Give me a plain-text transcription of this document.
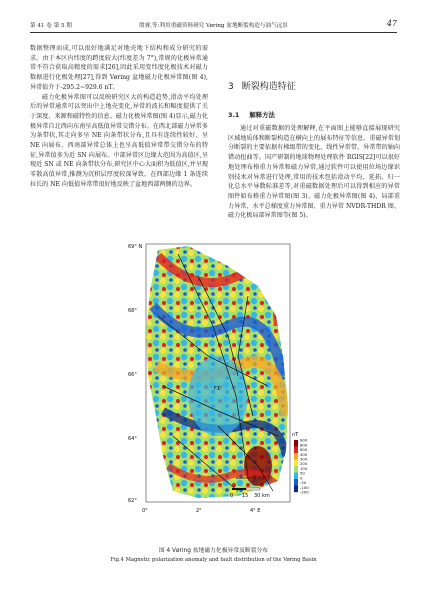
第 41 卷 第 5 期	殷睿,等:利用重磁资料研究 Vøring 盆地断裂构造与油气远景	47

数据整理而成,可以很好地满足对地壳地下结构和成分研究的需求。由于本区内纬度的跨度较大(纬度差为 7°),常规的化极异常通常不符合获取高精度的需求[26],因此采用变纬度化极技术对磁力数据进行化极处理[27],得到 Vøring 盆地磁力化极异常图(图 4),异常值介于-295.2~929.6 nT。

磁力化极异常图可以反映研究区大的构造趋势,滑动平均处理后的异常通常可以突出中上地壳变化,异常的波长和幅度提供了关于深度、来源和磁特性的信息。磁力化极异常图(图 4)显示,磁力化极异常自北西向东南呈高低值异常交错分布。在西北部磁力异常多为条带状,其走向多呈 NE 向条带状分布,且具有连续性较好、呈 NE 向展布。西南部异常总体上也呈高低值异常带交错分布的特征,异常值多为近 SN 向展布。中部异常区边缘大范围为高值区,呈现近 SN 或 NE 向条带状分布,研究区中心大面积为低值区,并呈现零散高值异常,推测为沉积层厚度较深导致。在西部边缘 1 条连续拉长的 NE 向低值异常带很好地反映了盆地西部两侧的边界。

3 断裂构造特征
3.1 解释方法

通过对重磁数据的处理解释,在平面图上能够直接展现研究区域地质体和断裂构造在横向上的展布特征等信息。重磁异常划分断裂的主要依据有梯级带的变化、线性异常带、异常带的轴向错动扭曲等。国产研制的地球物理处理软件 RGIS[22]可以很好地处理布格重力异常和磁力异常,通过软件可以使用位场边缘识别技术对异常进行处理,常用的技术包括滑动平均、延拓、归一化总水平导数标准差等,对重磁数据处理后可以得到相应的异常图件如布格重力异常图(图 3)、磁力化极异常图(图 4)、局部重力异常、水平总梯度重力异常图、重力异常 NVDR-THDR 图、磁力化极局部异常图等(图 5)。

69° N
68°
66°
64°
62°
0°	2°	4° E
F1
推测断裂
0 15 30 km
nT
900
800
600
400
300
200
100
50
0
-50
-100
-200
图 4 Vøring 盆地磁力化极异常及断裂分布
Fig.4 Magnetic polarization anomaly and fault distribution of the Vøring Basin
